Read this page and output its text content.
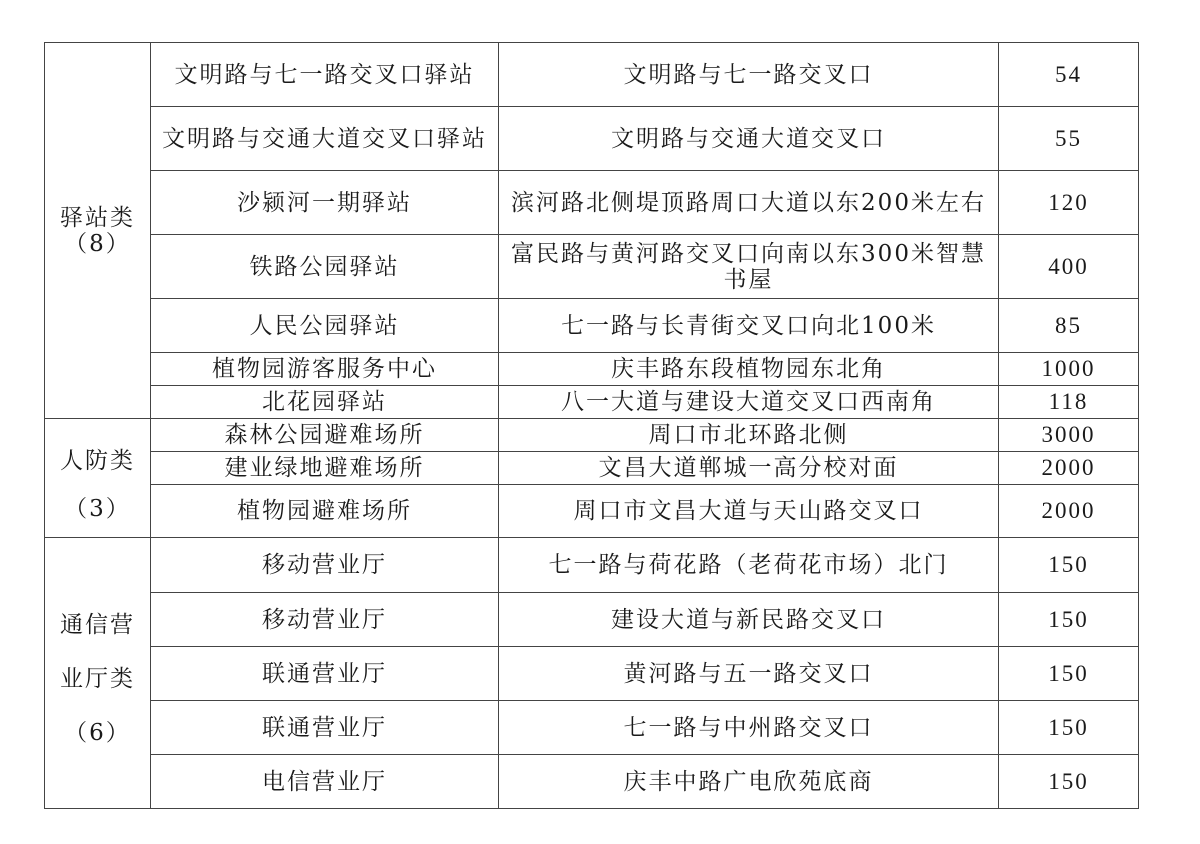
驿站类
（8）	文明路与七一路交叉口驿站	文明路与七一路交叉口	54
	文明路与交通大道交叉口驿站	文明路与交通大道交叉口	55
	沙颍河一期驿站	滨河路北侧堤顶路周口大道以东200米左右	120
	铁路公园驿站	富民路与黄河路交叉口向南以东300米智慧书屋	400
	人民公园驿站	七一路与长青街交叉口向北100米	85
	植物园游客服务中心	庆丰路东段植物园东北角	1000
	北花园驿站	八一大道与建设大道交叉口西南角	118

人防类
（3）	森林公园避难场所	周口市北环路北侧	3000
	建业绿地避难场所	文昌大道郸城一高分校对面	2000
	植物园避难场所	周口市文昌大道与天山路交叉口	2000

通信营
业厅类
（6）	移动营业厅	七一路与荷花路（老荷花市场）北门	150
	移动营业厅	建设大道与新民路交叉口	150
	联通营业厅	黄河路与五一路交叉口	150
	联通营业厅	七一路与中州路交叉口	150
	电信营业厅	庆丰中路广电欣苑底商	150
